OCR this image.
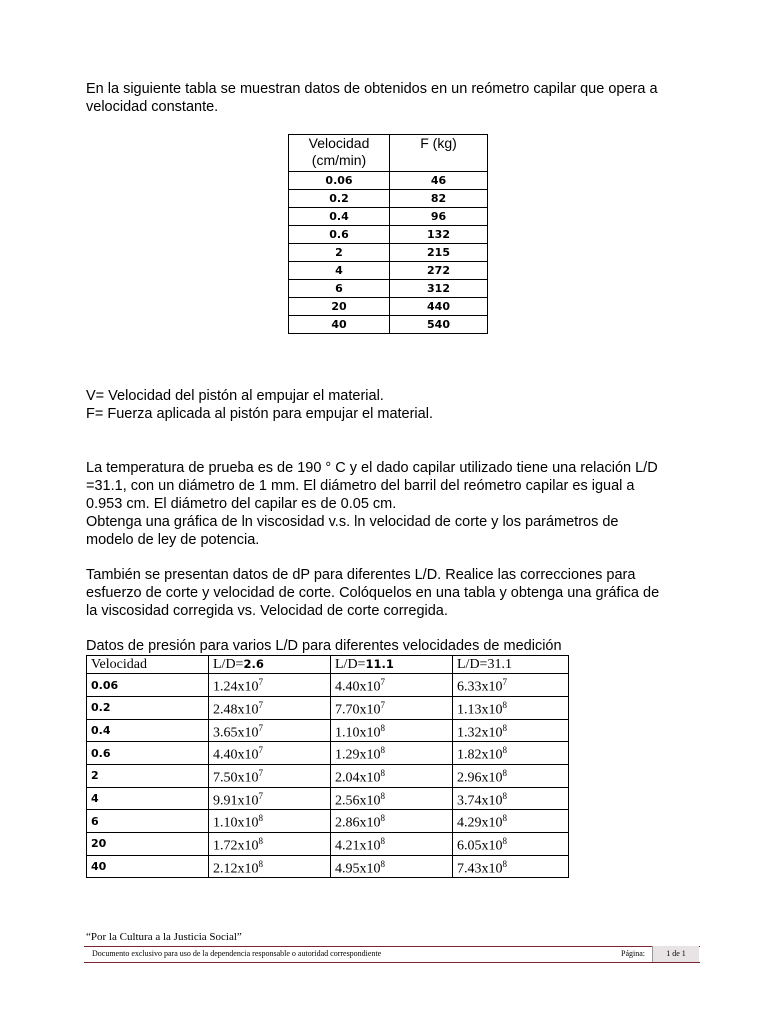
En la siguiente tabla se muestran datos de obtenidos en un reómetro capilar que opera a
velocidad constante.

Velocidad
(cm/min)	F (kg)
0.06	46
0.2	82
0.4	96
0.6	132
2	215
4	272
6	312
20	440
40	540

V= Velocidad del pistón al empujar el material.
F= Fuerza aplicada al pistón para empujar el material.

La temperatura de prueba es de 190 ° C y el dado capilar utilizado tiene una relación L/D
=31.1, con un diámetro de 1 mm. El diámetro del barril del reómetro capilar es igual a
0.953 cm. El diámetro del capilar es de 0.05 cm.
Obtenga una gráfica de ln viscosidad v.s. ln velocidad de corte y los parámetros de
modelo de ley de potencia.

También se presentan datos de dP para diferentes L/D. Realice las correcciones para
esfuerzo de corte y velocidad de corte. Colóquelos en una tabla y obtenga una gráfica de
la viscosidad corregida vs. Velocidad de corte corregida.

Datos de presión para varios L/D para diferentes velocidades de medición

Velocidad	L/D=2.6	L/D=11.1	L/D=31.1
0.06	$1.24x10^7$	$4.40x10^7$	$6.33x10^7$
0.2	$2.48x10^7$	$7.70x10^7$	$1.13x10^8$
0.4	$3.65x10^7$	$1.10x10^8$	$1.32x10^8$
0.6	$4.40x10^7$	$1.29x10^8$	$1.82x10^8$
2	$7.50x10^7$	$2.04x10^8$	$2.96x10^8$
4	$9.91x10^7$	$2.56x10^8$	$3.74x10^8$
6	$1.10x10^8$	$2.86x10^8$	$4.29x10^8$
20	$1.72x10^8$	$4.21x10^8$	$6.05x10^8$
40	$2.12x10^8$	$4.95x10^8$	$7.43x10^8$
“Por la Cultura a la Justicia Social”
Documento exclusivo para uso de la dependencia responsable o autoridad correspondiente	Página:	1 de 1
